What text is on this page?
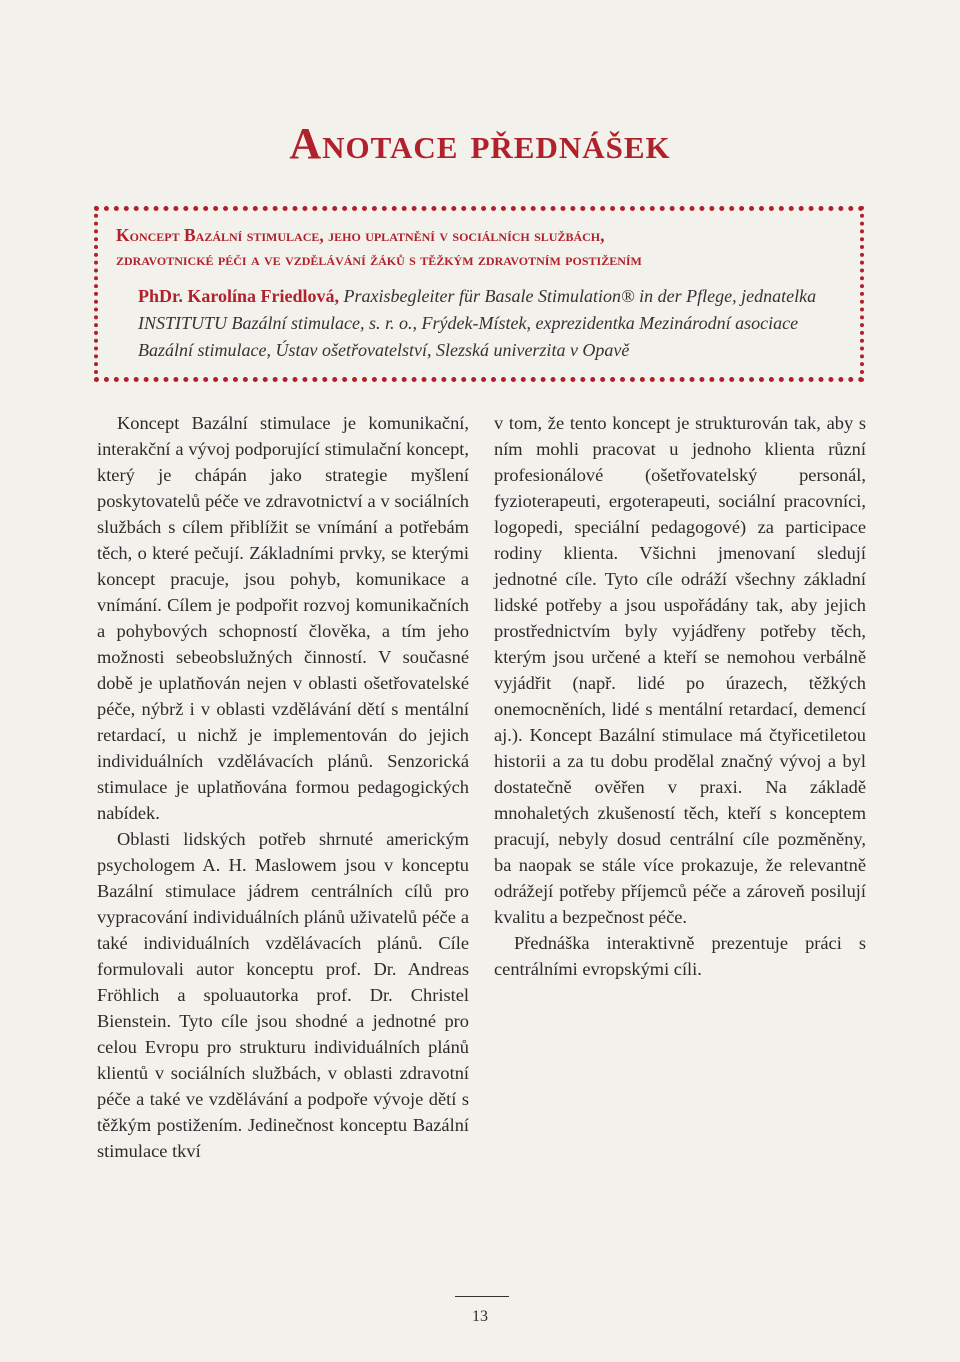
Anotace přednášek
Koncept Bazální stimulace, jeho uplatnění v sociálních službách,
zdravotnické péči a ve vzdělávání žáků s těžkým zdravotním postižením

PhDr. Karolína Friedlová, Praxisbegleiter für Basale Stimulation® in der Pflege, jednatelka INSTITUTU Bazální stimulace, s. r. o., Frýdek-Místek, exprezidentka Mezinárodní asociace Bazální stimulace, Ústav ošetřovatelství, Slezská univerzita v Opavě

Koncept Bazální stimulace je komunikační, interakční a vývoj podporující stimulační koncept, který je chápán jako strategie myšlení poskytovatelů péče ve zdravotnictví a v sociálních službách s cílem přiblížit se vnímání a potřebám těch, o které pečují. Základními prvky, se kterými koncept pracuje, jsou pohyb, komunikace a vnímání. Cílem je podpořit rozvoj komunikačních a pohybových schopností člověka, a tím jeho možnosti sebeobslužných činností. V současné době je uplatňován nejen v oblasti ošetřovatelské péče, nýbrž i v oblasti vzdělávání dětí s mentální retardací, u nichž je implementován do jejich individuálních vzdělávacích plánů. Senzorická stimulace je uplatňována formou pedagogických nabídek.

Oblasti lidských potřeb shrnuté americkým psychologem A. H. Maslowem jsou v konceptu Bazální stimulace jádrem centrálních cílů pro vypracování individuálních plánů uživatelů péče a také individuálních vzdělávacích plánů. Cíle formulovali autor konceptu prof. Dr. Andreas Fröhlich a spoluautorka prof. Dr. Christel Bienstein. Tyto cíle jsou shodné a jednotné pro celou Evropu pro strukturu individuálních plánů klientů v sociálních službách, v oblasti zdravotní péče a také ve vzdělávání a podpoře vývoje dětí s těžkým postižením. Jedinečnost konceptu Bazální stimulace tkví

v tom, že tento koncept je strukturován tak, aby s ním mohli pracovat u jednoho klienta různí profesionálové (ošetřovatelský personál, fyzioterapeuti, ergoterapeuti, sociální pracovníci, logopedi, speciální pedagogové) za participace rodiny klienta. Všichni jmenovaní sledují jednotné cíle. Tyto cíle odráží všechny základní lidské potřeby a jsou uspořádány tak, aby jejich prostřednictvím byly vyjádřeny potřeby těch, kterým jsou určené a kteří se nemohou verbálně vyjádřit (např. lidé po úrazech, těžkých onemocněních, lidé s mentální retardací, demencí aj.). Koncept Bazální stimulace má čtyřicetiletou historii a za tu dobu prodělal značný vývoj a byl dostatečně ověřen v praxi. Na základě mnohaletých zkušeností těch, kteří s konceptem pracují, nebyly dosud centrální cíle pozměněny, ba naopak se stále více prokazuje, že relevantně odrážejí potřeby příjemců péče a zároveň posilují kvalitu a bezpečnost péče.

Přednáška interaktivně prezentuje práci s centrálními evropskými cíli.

13
